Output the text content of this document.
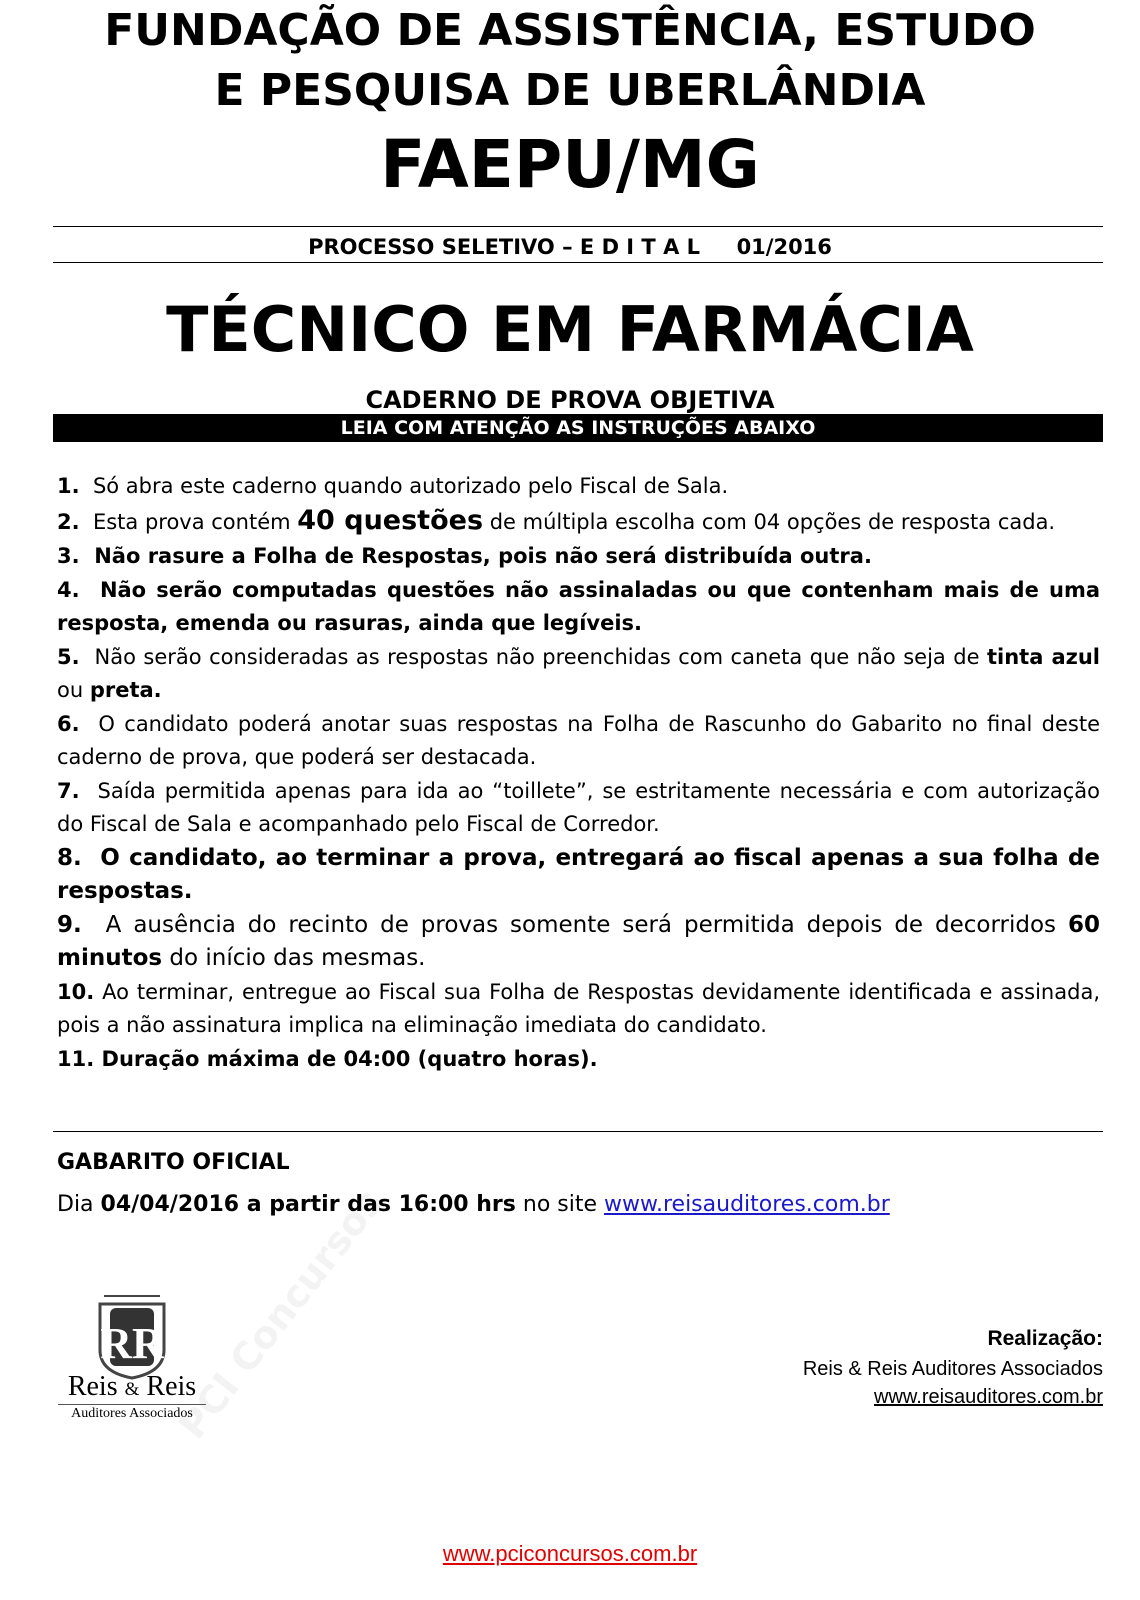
FUNDAÇÃO DE ASSISTÊNCIA, ESTUDO
E PESQUISA DE UBERLÂNDIA
FAEPU/MG
PROCESSO SELETIVO – E D I T A L     01/2016
TÉCNICO EM FARMÁCIA
CADERNO DE PROVA OBJETIVA
LEIA COM ATENÇÃO AS INSTRUÇÕES ABAIXO

1. Só abra este caderno quando autorizado pelo Fiscal de Sala.

2. Esta prova contém 40 questões de múltipla escolha com 04 opções de resposta cada.

3. Não rasure a Folha de Respostas, pois não será distribuída outra.

4. Não serão computadas questões não assinaladas ou que contenham mais de uma resposta, emenda ou rasuras, ainda que legíveis.

5. Não serão consideradas as respostas não preenchidas com caneta que não seja de tinta azul ou preta.

6. O candidato poderá anotar suas respostas na Folha de Rascunho do Gabarito no final deste caderno de prova, que poderá ser destacada.

7. Saída permitida apenas para ida ao “toillete”, se estritamente necessária e com autorização do Fiscal de Sala e acompanhado pelo Fiscal de Corredor.

8. O candidato, ao terminar a prova, entregará ao fiscal apenas a sua folha de respostas.

9. A ausência do recinto de provas somente será permitida depois de decorridos 60 minutos do início das mesmas.

10. Ao terminar, entregue ao Fiscal sua Folha de Respostas devidamente identificada e assinada, pois a não assinatura implica na eliminação imediata do candidato.

11. Duração máxima de 04:00 (quatro horas).

GABARITO OFICIAL
Dia 04/04/2016 a partir das 16:00 hrs no site www.reisauditores.com.br
RR
Reis & Reis
Auditores Associados
Realização:
Reis & Reis Auditores Associados
www.reisauditores.com.br
www.pciconcursos.com.br
